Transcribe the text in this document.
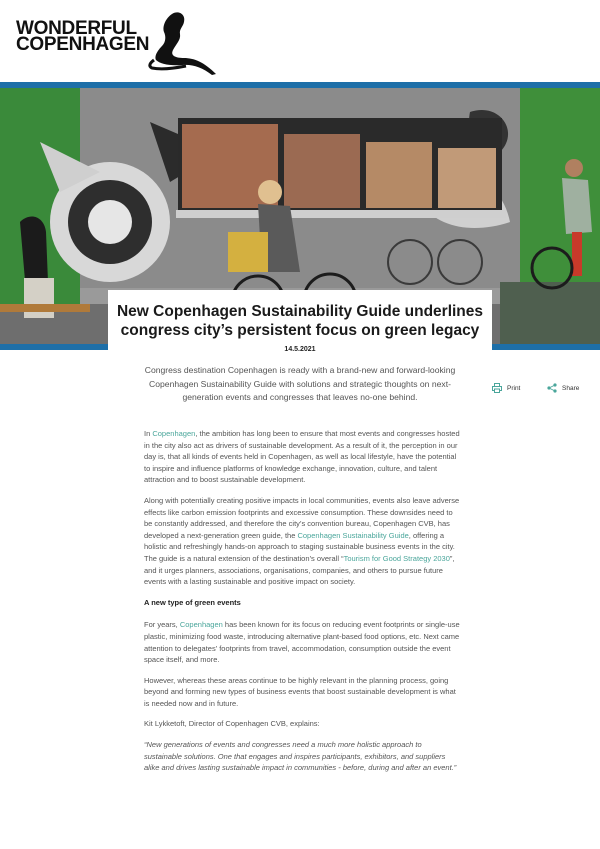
WONDERFUL
COPENHAGEN
New Copenhagen Sustainability Guide underlines congress city’s persistent focus on green legacy
14.5.2021

Congress destination Copenhagen is ready with a brand-new and forward-looking Copenhagen Sustainability Guide with solutions and strategic thoughts on next-generation events and congresses that leaves no-one behind.

Print	Share

In Copenhagen, the ambition has long been to ensure that most events and congresses hosted in the city also act as drivers of sustainable development. As a result of it, the perception in our day is, that all kinds of events held in Copenhagen, as well as local lifestyle, have the potential to inspire and influence platforms of knowledge exchange, innovation, culture, and talent attraction and to boost sustainable development.

Along with potentially creating positive impacts in local communities, events also leave adverse effects like carbon emission footprints and excessive consumption. These downsides need to be constantly addressed, and therefore the city’s convention bureau, Copenhagen CVB, has developed a next-generation green guide, the Copenhagen Sustainability Guide, offering a holistic and refreshingly hands-on approach to staging sustainable business events in the city. The guide is a natural extension of the destination’s overall “Tourism for Good Strategy 2030”, and it urges planners, associations, organisations, companies, and others to pursue future events with a lasting sustainable and positive impact on society.

A new type of green events

For years, Copenhagen has been known for its focus on reducing event footprints or single-use plastic, minimizing food waste, introducing alternative plant-based food options, etc. Next came attention to delegates’ footprints from travel, accommodation, consumption outside the event space itself, and more.

However, whereas these areas continue to be highly relevant in the planning process, going beyond and forming new types of business events that boost sustainable development is what is needed now and in future.

Kit Lykketoft, Director of Copenhagen CVB, explains:

“New generations of events and congresses need a much more holistic approach to sustainable solutions. One that engages and inspires participants, exhibitors, and suppliers alike and drives lasting sustainable impact in communities - before, during and after an event.”
